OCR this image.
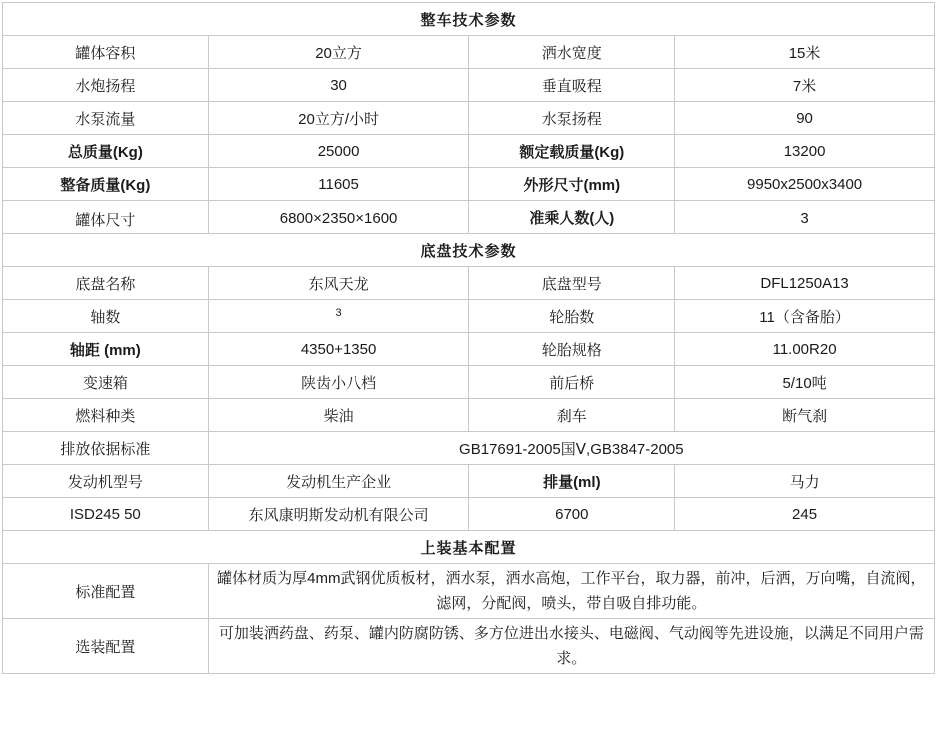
整车技术参数			
罐体容积	20立方	洒水宽度	15米
水炮扬程	30	垂直吸程	7米
水泵流量	20立方/小时	水泵扬程	90
总质量(Kg)	25000	额定载质量(Kg)	13200
整备质量(Kg)	11605	外形尺寸(mm)	9950x2500x3400
罐体尺寸	6800×2350×1600	准乘人数(人)	3
底盘技术参数			
底盘名称	东风天龙	底盘型号	DFL1250A13
轴数	$^3$	轮胎数	11（含备胎）
轴距 (mm)	4350+1350	轮胎规格	11.00R20
变速箱	陕齿小八档	前后桥	5/10吨
燃料种类	柴油	刹车	断气刹
排放依据标准	GB17691-2005国Ⅴ,GB3847-2005		
发动机型号	发动机生产企业	排量(ml)	马力
ISD245 50	东风康明斯发动机有限公司	6700	245
上装基本配置			
标准配置	罐体材质为厚4mm武钢优质板材，洒水泵，洒水高炮，工作平台，取力器，前冲，后洒，万向嘴，自流阀，滤网，分配阀，喷头，带自吸自排功能。		
选装配置	可加装洒药盘、药泵、罐内防腐防锈、多方位进出水接头、电磁阀、气动阀等先进设施，以满足不同用户需求。		
